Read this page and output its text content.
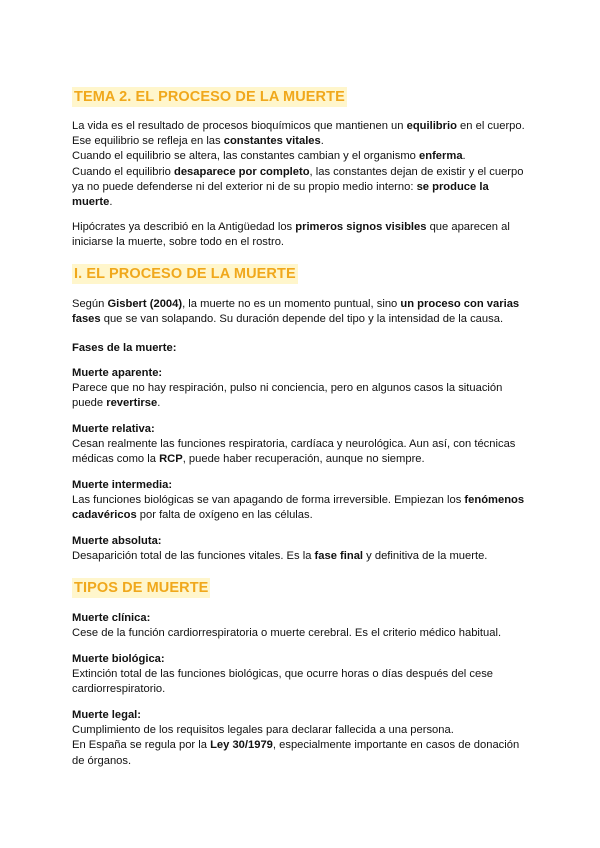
TEMA 2. EL PROCESO DE LA MUERTE
La vida es el resultado de procesos bioquímicos que mantienen un equilibrio en el cuerpo.
Ese equilibrio se refleja en las constantes vitales.
Cuando el equilibrio se altera, las constantes cambian y el organismo enferma.
Cuando el equilibrio desaparece por completo, las constantes dejan de existir y el cuerpo
ya no puede defenderse ni del exterior ni de su propio medio interno: se produce la
muerte.
Hipócrates ya describió en la Antigüedad los primeros signos visibles que aparecen al
iniciarse la muerte, sobre todo en el rostro.
I. EL PROCESO DE LA MUERTE
Según Gisbert (2004), la muerte no es un momento puntual, sino un proceso con varias
fases que se van solapando. Su duración depende del tipo y la intensidad de la causa.
Fases de la muerte:
Muerte aparente:
Parece que no hay respiración, pulso ni conciencia, pero en algunos casos la situación
puede revertirse.
Muerte relativa:
Cesan realmente las funciones respiratoria, cardíaca y neurológica. Aun así, con técnicas
médicas como la RCP, puede haber recuperación, aunque no siempre.
Muerte intermedia:
Las funciones biológicas se van apagando de forma irreversible. Empiezan los fenómenos
cadavéricos por falta de oxígeno en las células.
Muerte absoluta:
Desaparición total de las funciones vitales. Es la fase final y definitiva de la muerte.
TIPOS DE MUERTE
Muerte clínica:
Cese de la función cardiorrespiratoria o muerte cerebral. Es el criterio médico habitual.
Muerte biológica:
Extinción total de las funciones biológicas, que ocurre horas o días después del cese
cardiorrespiratorio.
Muerte legal:
Cumplimiento de los requisitos legales para declarar fallecida a una persona.
En España se regula por la Ley 30/1979, especialmente importante en casos de donación
de órganos.
